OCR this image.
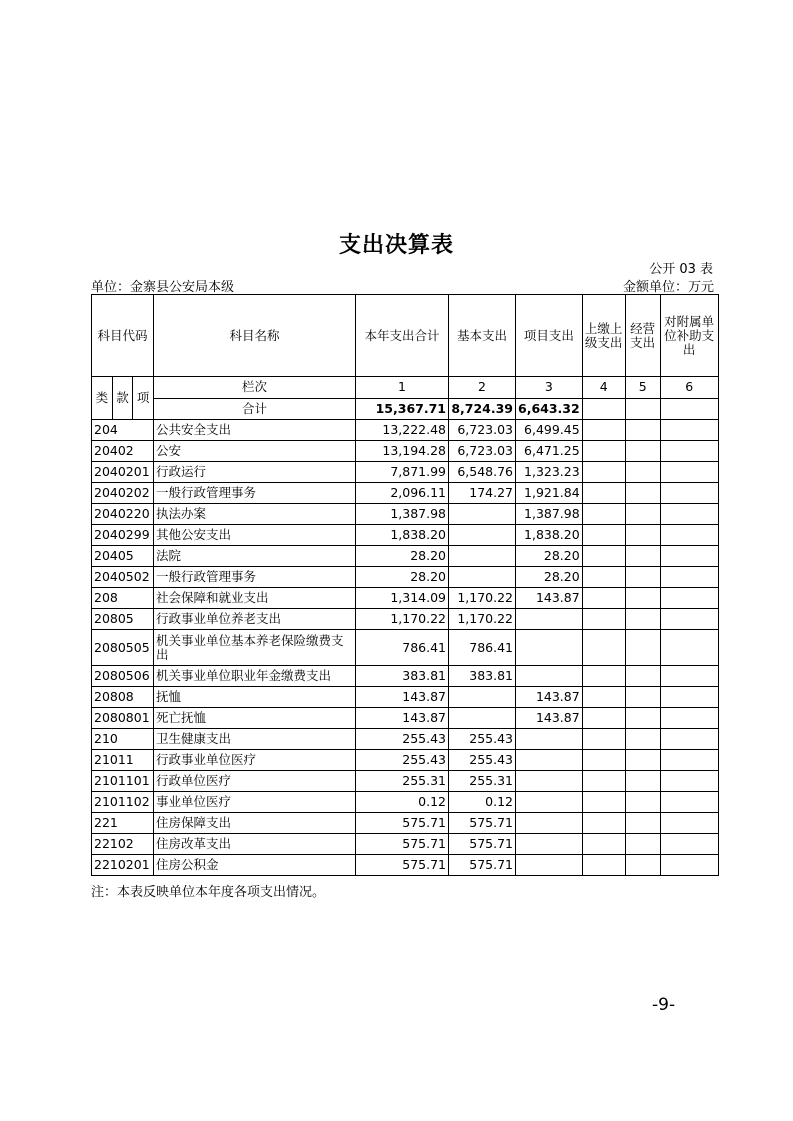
支出决算表
公开 03 表
单位：金寨县公安局本级	金额单位：万元
科目代码	科目名称	本年支出合计	基本支出	项目支出	上缴上级支出	经营支出	对附属单位补助支出

类 款 项	栏次	1	2	3	4	5	6
	合计	15,367.71	8,724.39	6,643.32			
204	公共安全支出	13,222.48	6,723.03	6,499.45			
20402	公安	13,194.28	6,723.03	6,471.25			
2040201	行政运行	7,871.99	6,548.76	1,323.23			
2040202	一般行政管理事务	2,096.11	174.27	1,921.84			
2040220	执法办案	1,387.98		1,387.98			
2040299	其他公安支出	1,838.20		1,838.20			
20405	法院	28.20		28.20			
2040502	一般行政管理事务	28.20		28.20			
208	社会保障和就业支出	1,314.09	1,170.22	143.87			
20805	行政事业单位养老支出	1,170.22	1,170.22				
2080505	机关事业单位基本养老保险缴费支出	786.41	786.41				
2080506	机关事业单位职业年金缴费支出	383.81	383.81				
20808	抚恤	143.87		143.87			
2080801	死亡抚恤	143.87		143.87			
210	卫生健康支出	255.43	255.43				
21011	行政事业单位医疗	255.43	255.43				
2101101	行政单位医疗	255.31	255.31				
2101102	事业单位医疗	0.12	0.12				
221	住房保障支出	575.71	575.71				
22102	住房改革支出	575.71	575.71				
2210201	住房公积金	575.71	575.71				
注：本表反映单位本年度各项支出情况。
-9-
